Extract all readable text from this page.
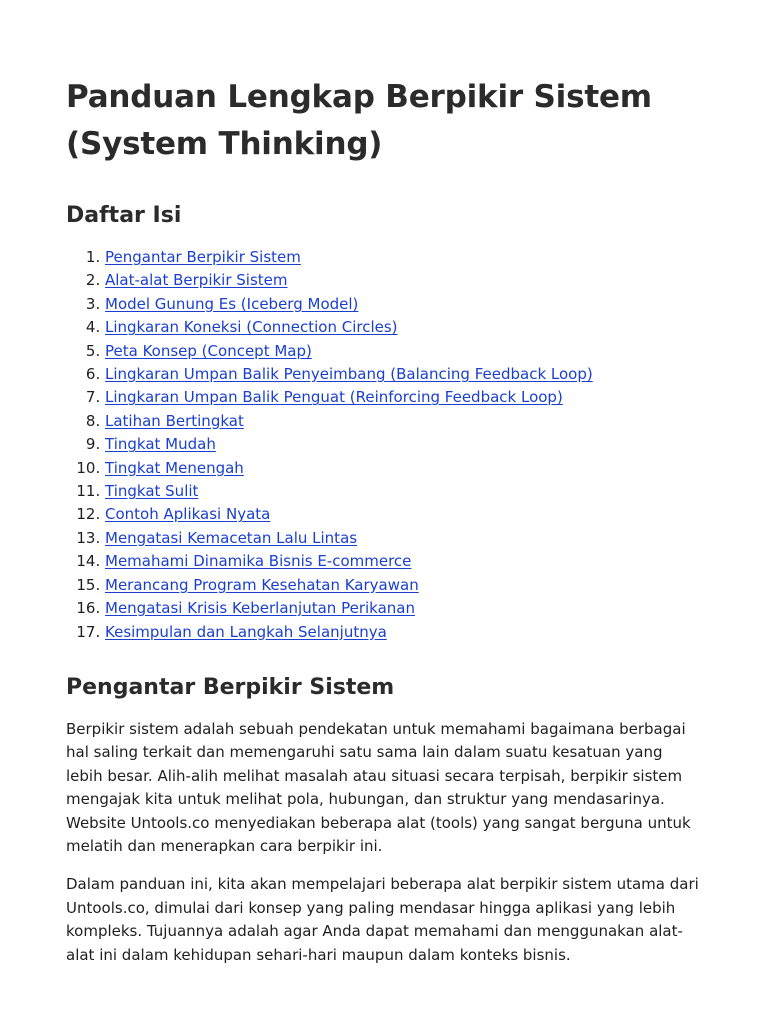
Panduan Lengkap Berpikir Sistem (System Thinking)
Daftar Isi
1. Pengantar Berpikir Sistem
2. Alat-alat Berpikir Sistem
3. Model Gunung Es (Iceberg Model)
4. Lingkaran Koneksi (Connection Circles)
5. Peta Konsep (Concept Map)
6. Lingkaran Umpan Balik Penyeimbang (Balancing Feedback Loop)
7. Lingkaran Umpan Balik Penguat (Reinforcing Feedback Loop)
8. Latihan Bertingkat
9. Tingkat Mudah
10. Tingkat Menengah
11. Tingkat Sulit
12. Contoh Aplikasi Nyata
13. Mengatasi Kemacetan Lalu Lintas
14. Memahami Dinamika Bisnis E-commerce
15. Merancang Program Kesehatan Karyawan
16. Mengatasi Krisis Keberlanjutan Perikanan
17. Kesimpulan dan Langkah Selanjutnya
Pengantar Berpikir Sistem

Berpikir sistem adalah sebuah pendekatan untuk memahami bagaimana berbagai hal saling terkait dan memengaruhi satu sama lain dalam suatu kesatuan yang lebih besar. Alih-alih melihat masalah atau situasi secara terpisah, berpikir sistem mengajak kita untuk melihat pola, hubungan, dan struktur yang mendasarinya. Website Untools.co menyediakan beberapa alat (tools) yang sangat berguna untuk melatih dan menerapkan cara berpikir ini.

Dalam panduan ini, kita akan mempelajari beberapa alat berpikir sistem utama dari Untools.co, dimulai dari konsep yang paling mendasar hingga aplikasi yang lebih kompleks. Tujuannya adalah agar Anda dapat memahami dan menggunakan alat-alat ini dalam kehidupan sehari-hari maupun dalam konteks bisnis.
